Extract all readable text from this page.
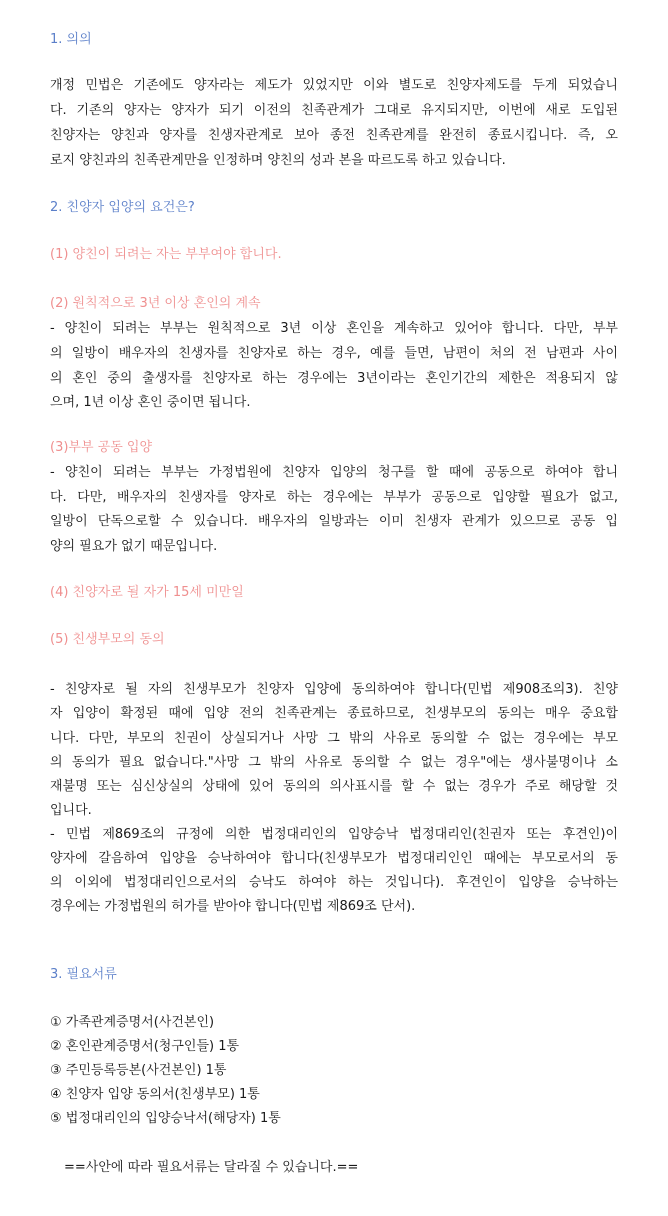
1. 의의
개정 민법은 기존에도 양자라는 제도가 있었지만 이와 별도로 친양자제도를 두게 되었습니
다. 기존의 양자는 양자가 되기 이전의 친족관계가 그대로 유지되지만, 이번에 새로 도입된
친양자는 양친과 양자를 친생자관계로 보아 종전 친족관계를 완전히 종료시킵니다. 즉, 오
로지 양친과의 친족관계만을 인정하며 양친의 성과 본을 따르도록 하고 있습니다.
2. 친양자 입양의 요건은?
(1) 양친이 되려는 자는 부부여야 합니다.
(2) 원칙적으로 3년 이상 혼인의 계속
- 양친이 되려는 부부는 원칙적으로 3년 이상 혼인을 계속하고 있어야 합니다. 다만, 부부
의 일방이 배우자의 친생자를 친양자로 하는 경우, 예를 들면, 남편이 처의 전 남편과 사이
의 혼인 중의 출생자를 친양자로 하는 경우에는 3년이라는 혼인기간의 제한은 적용되지 않
으며, 1년 이상 혼인 중이면 됩니다.
(3)부부 공동 입양
- 양친이 되려는 부부는 가정법원에 친양자 입양의 청구를 할 때에 공동으로 하여야 합니
다. 다만, 배우자의 친생자를 양자로 하는 경우에는 부부가 공동으로 입양할 필요가 없고,
일방이 단독으로할 수 있습니다. 배우자의 일방과는 이미 친생자 관계가 있으므로 공동 입
양의 필요가 없기 때문입니다.
(4) 친양자로 될 자가 15세 미만일
(5) 친생부모의 동의
- 친양자로 될 자의 친생부모가 친양자 입양에 동의하여야 합니다(민법 제908조의3). 친양
자 입양이 확정된 때에 입양 전의 친족관계는 종료하므로, 친생부모의 동의는 매우 중요합
니다. 다만, 부모의 친권이 상실되거나 사망 그 밖의 사유로 동의할 수 없는 경우에는 부모
의 동의가 필요 없습니다."사망 그 밖의 사유로 동의할 수 없는 경우"에는 생사불명이나 소
재불명 또는 심신상실의 상태에 있어 동의의 의사표시를 할 수 없는 경우가 주로 해당할 것
입니다.
- 민법 제869조의 규정에 의한 법정대리인의 입양승낙 법정대리인(친권자 또는 후견인)이
양자에 갈음하여 입양을 승낙하여야 합니다(친생부모가 법정대리인인 때에는 부모로서의 동
의 이외에 법정대리인으로서의 승낙도 하여야 하는 것입니다). 후견인이 입양을 승낙하는
경우에는 가정법원의 허가를 받아야 합니다(민법 제869조 단서).
3. 필요서류
① 가족관계증명서(사건본인)
② 혼인관계증명서(청구인들) 1통
③ 주민등록등본(사건본인) 1통
④ 친양자 입양 동의서(친생부모) 1통
⑤ 법정대리인의 입양승낙서(해당자) 1통
==사안에 따라 필요서류는 달라질 수 있습니다.==
